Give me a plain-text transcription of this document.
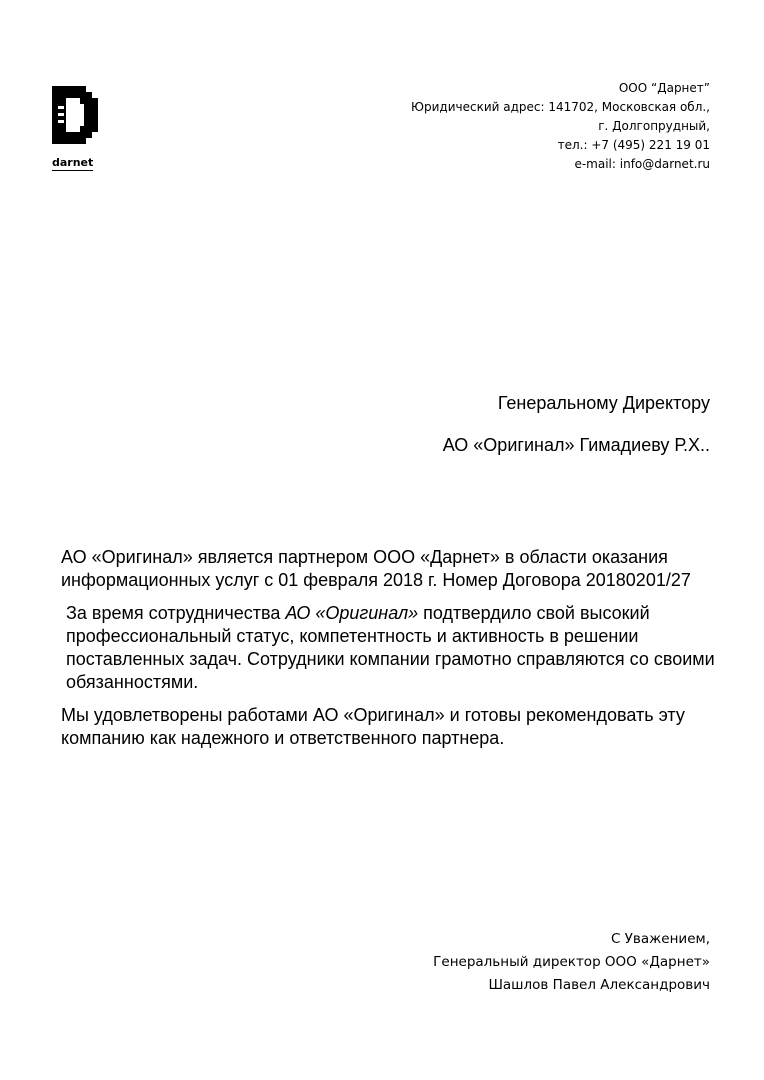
darnet
ООО “Дарнет”
Юридический адрес: 141702, Московская обл.,
г. Долгопрудный,
тел.: +7 (495) 221 19 01
e-mail: info@darnet.ru
Генеральному Директору
АО «Оригинал» Гимадиеву Р.Х..

АО «Оригинал» является партнером ООО «Дарнет» в области оказания информационных услуг с 01 февраля 2018 г. Номер Договора 20180201/27

За время сотрудничества АО «Оригинал» подтвердило свой высокий профессиональный статус, компетентность и активность в решении поставленных задач. Сотрудники компании грамотно справляются со своими обязанностями.

Мы удовлетворены работами АО «Оригинал» и готовы рекомендовать эту компанию как надежного и ответственного партнера.

С Уважением,
Генеральный директор ООО «Дарнет»
Шашлов Павел Александрович
